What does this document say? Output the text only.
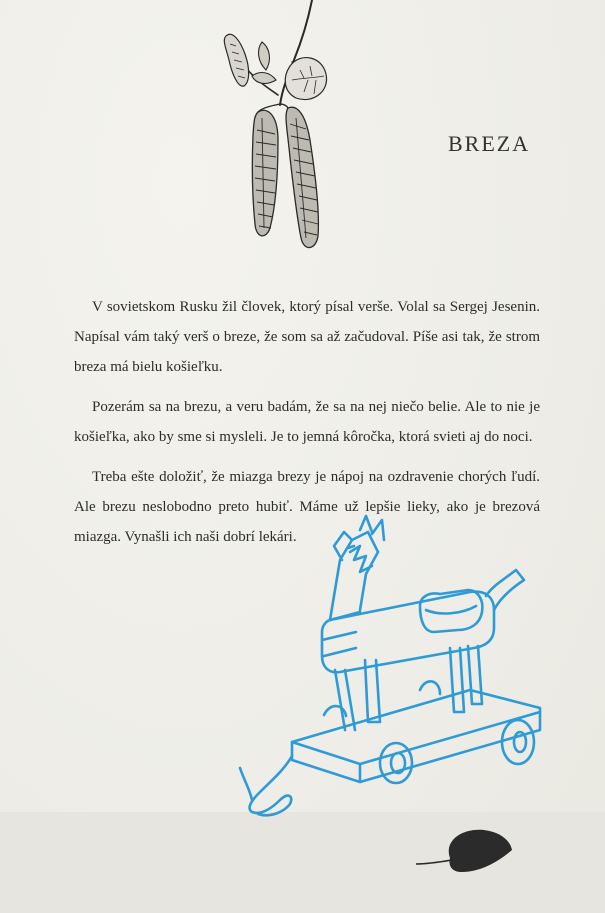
BREZA

V sovietskom Rusku žil človek, ktorý písal verše. Volal sa Sergej Jesenin. Napísal vám taký verš o breze, že som sa až začudoval. Píše asi tak, že strom breza má bielu košieľku.

Pozerám sa na brezu, a veru badám, že sa na nej niečo belie. Ale to nie je košieľka, ako by sme si mysleli. Je to jemná kôročka, ktorá svieti aj do noci.

Treba ešte doložiť, že miazga brezy je nápoj na ozdravenie chorých ľudí. Ale brezu neslobodno preto hubiť. Máme už lepšie lieky, ako je brezová miazga. Vynašli ich naši dobrí lekári.
